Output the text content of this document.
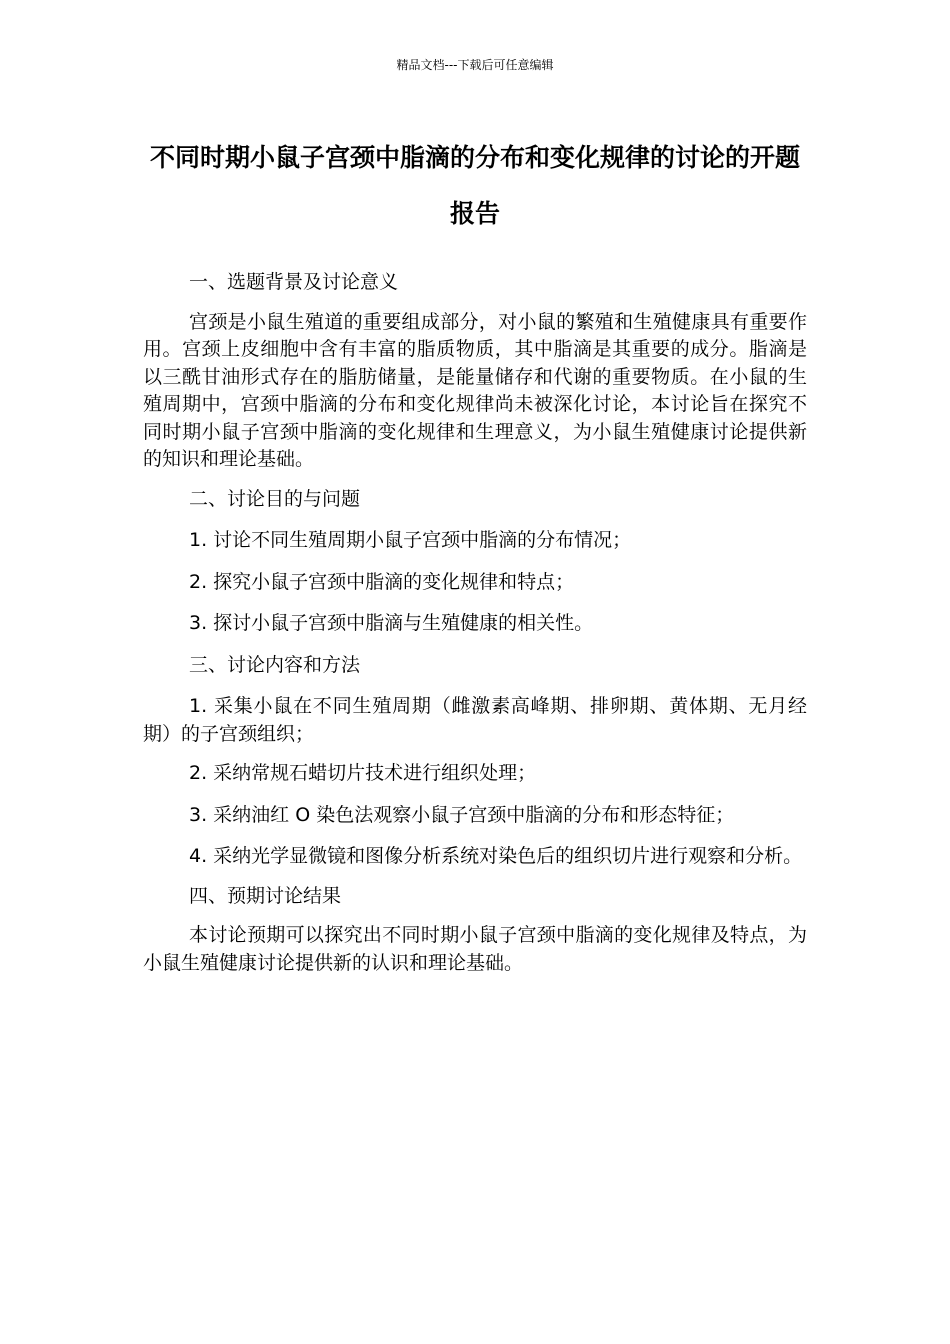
精品文档---下载后可任意编辑
不同时期小鼠子宫颈中脂滴的分布和变化规律的讨论的开题报告

一、选题背景及讨论意义

宫颈是小鼠生殖道的重要组成部分，对小鼠的繁殖和生殖健康具有重要作用。宫颈上皮细胞中含有丰富的脂质物质，其中脂滴是其重要的成分。脂滴是以三酰甘油形式存在的脂肪储量，是能量储存和代谢的重要物质。在小鼠的生殖周期中，宫颈中脂滴的分布和变化规律尚未被深化讨论，本讨论旨在探究不同时期小鼠子宫颈中脂滴的变化规律和生理意义，为小鼠生殖健康讨论提供新的知识和理论基础。

二、讨论目的与问题

1. 讨论不同生殖周期小鼠子宫颈中脂滴的分布情况；

2. 探究小鼠子宫颈中脂滴的变化规律和特点；

3. 探讨小鼠子宫颈中脂滴与生殖健康的相关性。

三、讨论内容和方法

1. 采集小鼠在不同生殖周期（雌激素高峰期、排卵期、黄体期、无月经期）的子宫颈组织；

2. 采纳常规石蜡切片技术进行组织处理；

3. 采纳油红 O 染色法观察小鼠子宫颈中脂滴的分布和形态特征；

4. 采纳光学显微镜和图像分析系统对染色后的组织切片进行观察和分析。

四、预期讨论结果

本讨论预期可以探究出不同时期小鼠子宫颈中脂滴的变化规律及特点，为小鼠生殖健康讨论提供新的认识和理论基础。
